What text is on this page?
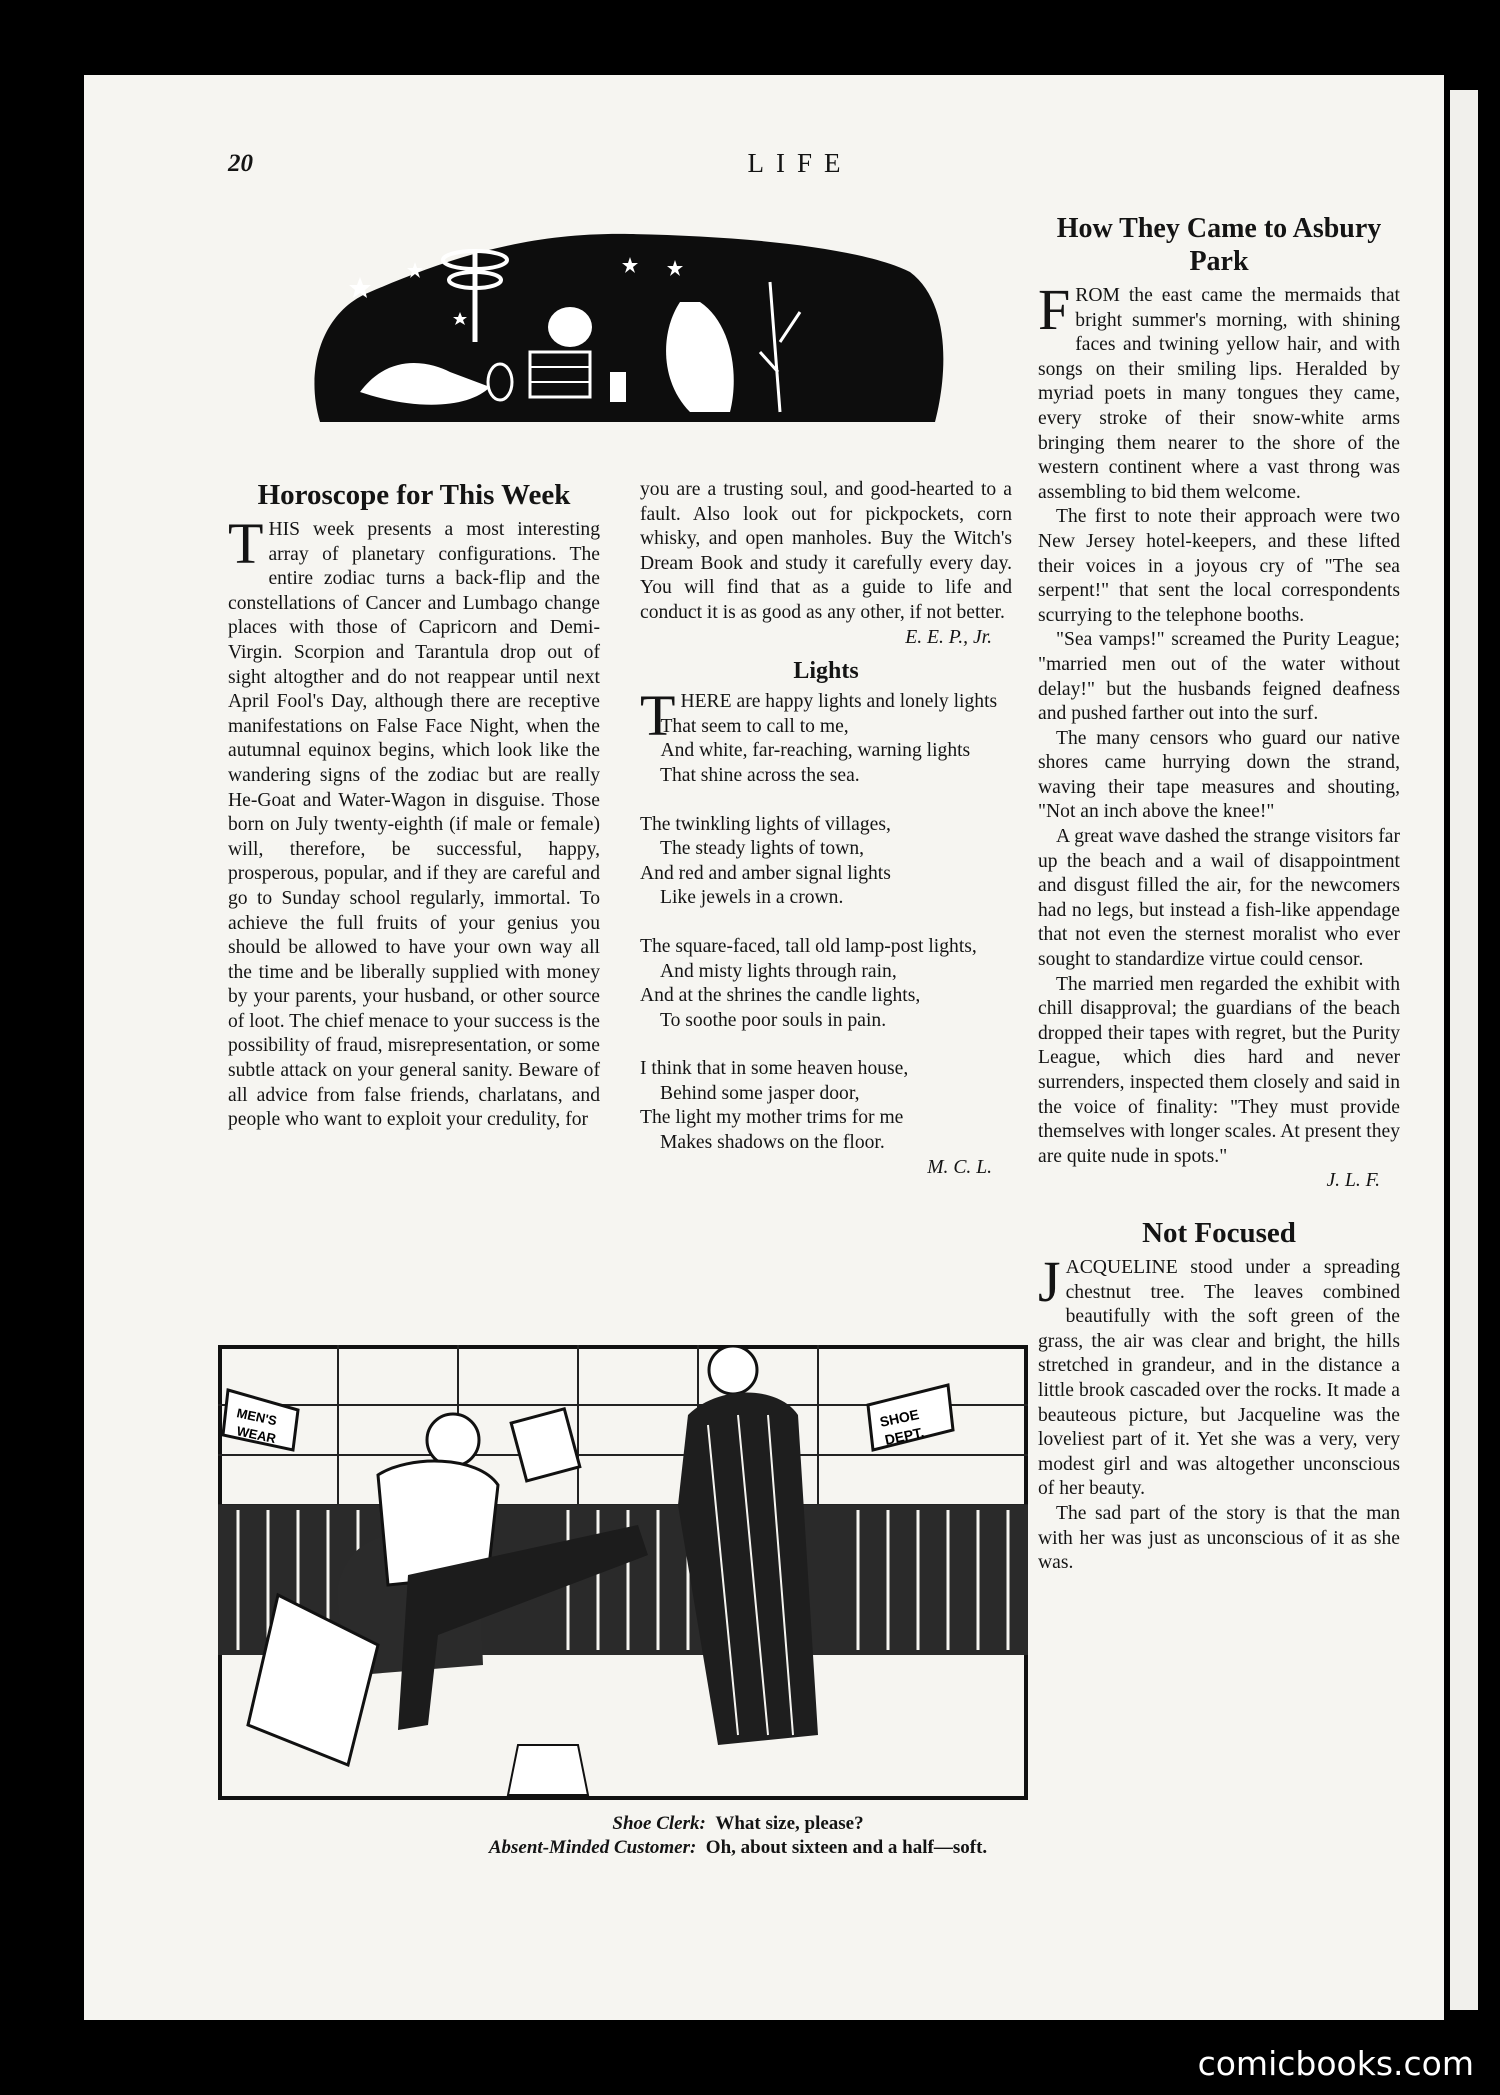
20	LIFE
Horoscope for This Week

THIS week presents a most interesting array of planetary configurations. The entire zodiac turns a back-flip and the constellations of Cancer and Lumbago change places with those of Capricorn and Demi-Virgin. Scorpion and Tarantula drop out of sight altogther and do not reappear until next April Fool's Day, although there are receptive manifestations on False Face Night, when the autumnal equinox begins, which look like the wandering signs of the zodiac but are really He-Goat and Water-Wagon in disguise. Those born on July twenty-eighth (if male or female) will, therefore, be successful, happy, prosperous, popular, and if they are careful and go to Sunday school regularly, immortal. To achieve the full fruits of your genius you should be allowed to have your own way all the time and be liberally supplied with money by your parents, your husband, or other source of loot. The chief menace to your success is the possibility of fraud, misrepresentation, or some subtle attack on your general sanity. Beware of all advice from false friends, charlatans, and people who want to exploit your credulity, for

you are a trusting soul, and good-hearted to a fault. Also look out for pickpockets, corn whisky, and open manholes. Buy the Witch's Dream Book and study it carefully every day. You will find that as a guide to life and conduct it is as good as any other, if not better.

E. E. P., Jr.
Lights
T HERE are happy lights and lonely lights
That seem to call to me,
And white, far-reaching, warning lights
That shine across the sea.
The twinkling lights of villages,
The steady lights of town,
And red and amber signal lights
Like jewels in a crown.
The square-faced, tall old lamp-post lights,
And misty lights through rain,
And at the shrines the candle lights,
To soothe poor souls in pain.
I think that in some heaven house,
Behind some jasper door,
The light my mother trims for me
Makes shadows on the floor.
M. C. L.
How They Came to Asbury Park

FROM the east came the mermaids that bright summer's morning, with shining faces and twining yellow hair, and with songs on their smiling lips. Heralded by myriad poets in many tongues they came, every stroke of their snow-white arms bringing them nearer to the shore of the western continent where a vast throng was assembling to bid them welcome.

The first to note their approach were two New Jersey hotel-keepers, and these lifted their voices in a joyous cry of "The sea serpent!" that sent the local correspondents scurrying to the telephone booths.

"Sea vamps!" screamed the Purity League; "married men out of the water without delay!" but the husbands feigned deafness and pushed farther out into the surf.

The many censors who guard our native shores came hurrying down the strand, waving their tape measures and shouting, "Not an inch above the knee!"

A great wave dashed the strange visitors far up the beach and a wail of disappointment and disgust filled the air, for the newcomers had no legs, but instead a fish-like appendage that not even the sternest moralist who ever sought to standardize virtue could censor.

The married men regarded the exhibit with chill disapproval; the guardians of the beach dropped their tapes with regret, but the Purity League, which dies hard and never surrenders, inspected them closely and said in the voice of finality: "They must provide themselves with longer scales. At present they are quite nude in spots."

J. L. F.
Not Focused

JACQUELINE stood under a spreading chestnut tree. The leaves combined beautifully with the soft green of the grass, the air was clear and bright, the hills stretched in grandeur, and in the distance a little brook cascaded over the rocks. It made a beauteous picture, but Jacqueline was the loveliest part of it. Yet she was a very, very modest girl and was altogether unconscious of her beauty.

The sad part of the story is that the man with her was just as unconscious of it as she was.

MEN'S
WEAR
SHOE
DEPT.
Shoe Clerk: What size, please?
Absent-Minded Customer: Oh, about sixteen and a half—soft.
comicbooks.com
